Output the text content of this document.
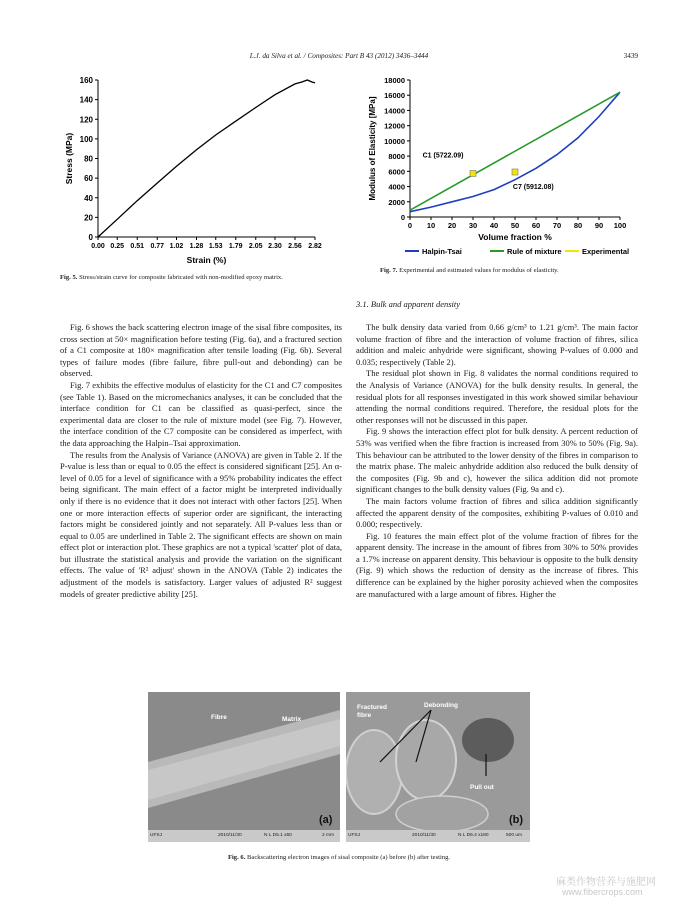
L.J. da Silva et al. / Composites: Part B 43 (2012) 3436–3444	3439
0
20
40
60
80
100
120
140
160
0.00 0.25 0.51 0.77 1.02 1.28 1.53 1.79 2.05 2.30 2.56 2.82
Strain (%)
Stress (MPa)
Fig. 5. Stress/strain curve for composite fabricated with non-modified epoxy matrix.
0
2000
4000
6000
8000
10000
12000
14000
16000
18000
0 10 20 30 40 50 60 70 80 90 100
C1 (5722.09)
C7 (5912.08)
Volume fraction %
Modulus of Elasticity [MPa]
Halpin-Tsai	Rule of mixture	Experimental
Fig. 7. Experimental and estimated values for modulus of elasticity.

Fig. 6 shows the back scattering electron image of the sisal fibre composites, its cross section at 50× magnification before testing (Fig. 6a), and a fractured section of a C1 composite at 180× magnification after tensile loading (Fig. 6b). Several types of failure modes (fibre failure, fibre pull-out and debonding) can be observed.

Fig. 7 exhibits the effective modulus of elasticity for the C1 and C7 composites (see Table 1). Based on the micromechanics analyses, it can be concluded that the interface condition for C1 can be classified as quasi-perfect, since the experimental data are closer to the rule of mixture model (see Fig. 7). However, the interface condition of the C7 composite can be considered as imperfect, with the data approaching the Halpin–Tsai approximation.

The results from the Analysis of Variance (ANOVA) are given in Table 2. If the P-value is less than or equal to 0.05 the effect is considered significant [25]. An α-level of 0.05 for a level of significance with a 95% probability indicates the effect being significant. The main effect of a factor might be interpreted individually only if there is no evidence that it does not interact with other factors [25]. When one or more interaction effects of superior order are significant, the interacting factors might be considered jointly and not separately. All P-values less than or equal to 0.05 are underlined in Table 2. The significant effects are shown on main effect plot or interaction plot. These graphics are not a typical 'scatter' plot of data, but illustrate the statistical analysis and provide the variation on the significant effects. The value of 'R² adjust' shown in the ANOVA (Table 2) indicates the adjustment of the models is satisfactory. Larger values of adjusted R² suggest models of greater predictive ability [25].

3.1. Bulk and apparent density

The bulk density data varied from 0.66 g/cm³ to 1.21 g/cm³. The main factor volume fraction of fibre and the interaction of volume fraction of fibres, silica addition and maleic anhydride were significant, showing P-values of 0.000 and 0.035; respectively (Table 2).

The residual plot shown in Fig. 8 validates the normal conditions required to the Analysis of Variance (ANOVA) for the bulk density results. In general, the residual plots for all responses investigated in this work showed similar behaviour attending the normal conditions required. Therefore, the residual plots for the other responses will not be discussed in this paper.

Fig. 9 shows the interaction effect plot for bulk density. A percent reduction of 53% was verified when the fibre fraction is increased from 30% to 50% (Fig. 9a). This behaviour can be attributed to the lower density of the fibres in comparison to the matrix phase. The maleic anhydride addition also reduced the bulk density of the composites (Fig. 9b and c), however the silica addition did not promote significant changes to the bulk density values (Fig. 9a and c).

The main factors volume fraction of fibres and silica addition significantly affected the apparent density of the composites, exhibiting P-values of 0.010 and 0.000; respectively.

Fig. 10 features the main effect plot of the volume fraction of fibres for the apparent density. The increase in the amount of fibres from 30% to 50% provides a 1.7% increase on apparent density. This behaviour is opposite to the bulk density (Fig. 9) which shows the reduction of density as the increase of fibres. This difference can be explained by the higher porosity achieved when the composites are manufactured with a large amount of fibres. Higher the

Fibre	Matrix
(a)
UFSJ	2010/11/30	N L D5.1 x50	2 mm
Fractured fibre
Debonding
Pull out
(b)
UFSJ	2010/11/30	N L D6.4 x180	500 um
Fig. 6. Backscattering electron images of sisal composite (a) before (b) after testing.
麻类作物营养与施肥网
www.fibercrops.com
